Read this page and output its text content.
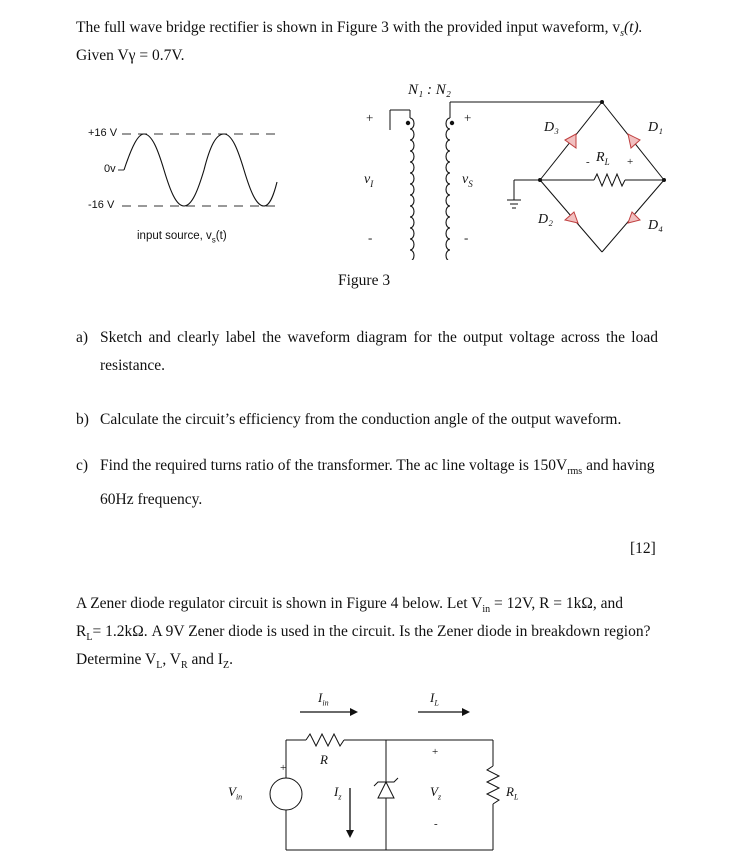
The full wave bridge rectifier is shown in Figure 3 with the provided input waveform, $v_s(t)$.
Given Vγ = 0.7V.
+16 V
0v
-16 V
input source, $v_s(t)$
N₁ : N₂
+
-
+
-
$v_I$	$v_S$
D₃	D₁
D₂	D₄
$R_L$
-	+
Figure 3
a) Sketch and clearly label the waveform diagram for the output voltage across the load resistance.
b) Calculate the circuit’s efficiency from the conduction angle of the output waveform.
c) Find the required turns ratio of the transformer. The ac line voltage is $150V_{rms}$ and having 60Hz frequency.
[12]
A Zener diode regulator circuit is shown in Figure 4 below. Let $V_{in} = 12V$, R = 1kΩ, and
$R_L= 1.2k\Omega$. A 9V Zener diode is used in the circuit. Is the Zener diode in breakdown region?
Determine $V_L$, $V_R$ and $I_Z$.
$I_{in}$	$I_L$
R
+
$V_{in}$	$I_z$
+
$V_z$
-
$R_L$
